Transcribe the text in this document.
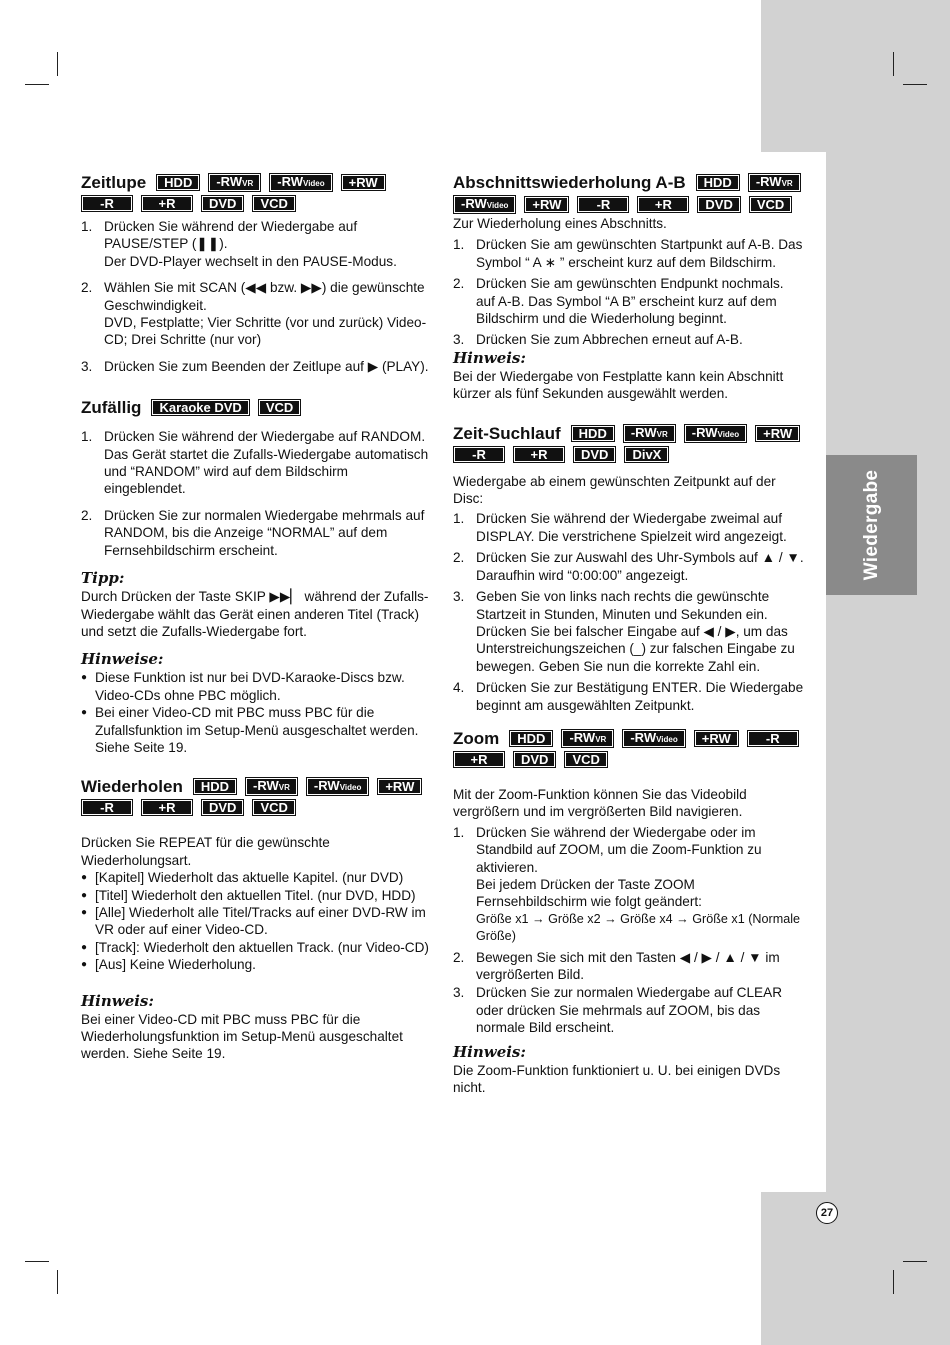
Wiedergabe
Zeitlupe	HDD	-RWVR	-RWVideo	+RW
-R	+R	DVD	VCD
1. Drücken Sie während der Wiedergabe auf PAUSE/STEP (❚❚).
Der DVD-Player wechselt in den PAUSE-Modus.
2. Wählen Sie mit SCAN (◀◀ bzw. ▶▶) die gewünschte Geschwindigkeit.
DVD, Festplatte; Vier Schritte (vor und zurück) Video-CD; Drei Schritte (nur vor)
3. Drücken Sie zum Beenden der Zeitlupe auf ▶ (PLAY).
Zufällig	Karaoke DVD	VCD
1. Drücken Sie während der Wiedergabe auf RANDOM.
Das Gerät startet die Zufalls-Wiedergabe automatisch und “RANDOM” wird auf dem Bildschirm eingeblendet.
2. Drücken Sie zur normalen Wiedergabe mehrmals auf RANDOM, bis die Anzeige “NORMAL” auf dem Fernsehbildschirm erscheint.
Tipp:

Durch Drücken der Taste SKIP ▶▶▏ während der Zufalls-Wiedergabe wählt das Gerät einen anderen Titel (Track) und setzt die Zufalls-Wiedergabe fort.

Hinweise:
● Diese Funktion ist nur bei DVD-Karaoke-Discs bzw. Video-CDs ohne PBC möglich.
● Bei einer Video-CD mit PBC muss PBC für die Zufallsfunktion im Setup-Menü ausgeschaltet werden. Siehe Seite 19.
Wiederholen	HDD	-RWVR	-RWVideo	+RW
-R	+R	DVD	VCD

Drücken Sie REPEAT für die gewünschte Wiederholungsart.

● [Kapitel] Wiederholt das aktuelle Kapitel. (nur DVD)
● [Titel] Wiederholt den aktuellen Titel. (nur DVD, HDD)
● [Alle] Wiederholt alle Titel/Tracks auf einer DVD-RW im VR oder auf einer Video-CD.
● [Track]: Wiederholt den aktuellen Track. (nur Video-CD)
● [Aus] Keine Wiederholung.
Hinweis:

Bei einer Video-CD mit PBC muss PBC für die Wiederholungsfunktion im Setup-Menü ausgeschaltet werden. Siehe Seite 19.

Abschnittswiederholung A-B	HDD	-RWVR
-RWVideo	+RW	-R	+R	DVD	VCD

Zur Wiederholung eines Abschnitts.

1. Drücken Sie am gewünschten Startpunkt auf A-B. Das Symbol “ A ∗ ” erscheint kurz auf dem Bildschirm.
2. Drücken Sie am gewünschten Endpunkt nochmals. auf A-B. Das Symbol “A B” erscheint kurz auf dem Bildschirm und die Wiederholung beginnt.
3. Drücken Sie zum Abbrechen erneut auf A-B.
Hinweis:

Bei der Wiedergabe von Festplatte kann kein Abschnitt kürzer als fünf Sekunden ausgewählt werden.

Zeit-Suchlauf	HDD	-RWVR	-RWVideo	+RW
-R	+R	DVD	DivX

Wiedergabe ab einem gewünschten Zeitpunkt auf der Disc:

1. Drücken Sie während der Wiedergabe zweimal auf DISPLAY. Die verstrichene Spielzeit wird angezeigt.
2. Drücken Sie zur Auswahl des Uhr-Symbols auf ▲ / ▼. Daraufhin wird “0:00:00” angezeigt.
3. Geben Sie von links nach rechts die gewünschte Startzeit in Stunden, Minuten und Sekunden ein. Drücken Sie bei falscher Eingabe auf ◀ / ▶, um das Unterstreichungszeichen (_) zur falschen Eingabe zu bewegen. Geben Sie nun die korrekte Zahl ein.
4. Drücken Sie zur Bestätigung ENTER. Die Wiedergabe beginnt am ausgewählten Zeitpunkt.
Zoom	HDD	-RWVR	-RWVideo	+RW	-R
+R	DVD	VCD

Mit der Zoom-Funktion können Sie das Videobild vergrößern und im vergrößerten Bild navigieren.

1. Drücken Sie während der Wiedergabe oder im Standbild auf ZOOM, um die Zoom-Funktion zu aktivieren.
Bei jedem Drücken der Taste ZOOM Fernsehbildschirm wie folgt geändert:
Größe x1 → Größe x2 → Größe x4 → Größe x1 (Normale Größe)
2. Bewegen Sie sich mit den Tasten ◀ / ▶ / ▲ / ▼ im vergrößerten Bild.
3. Drücken Sie zur normalen Wiedergabe auf CLEAR oder drücken Sie mehrmals auf ZOOM, bis das normale Bild erscheint.
Hinweis:

Die Zoom-Funktion funktioniert u. U. bei einigen DVDs nicht.

27
